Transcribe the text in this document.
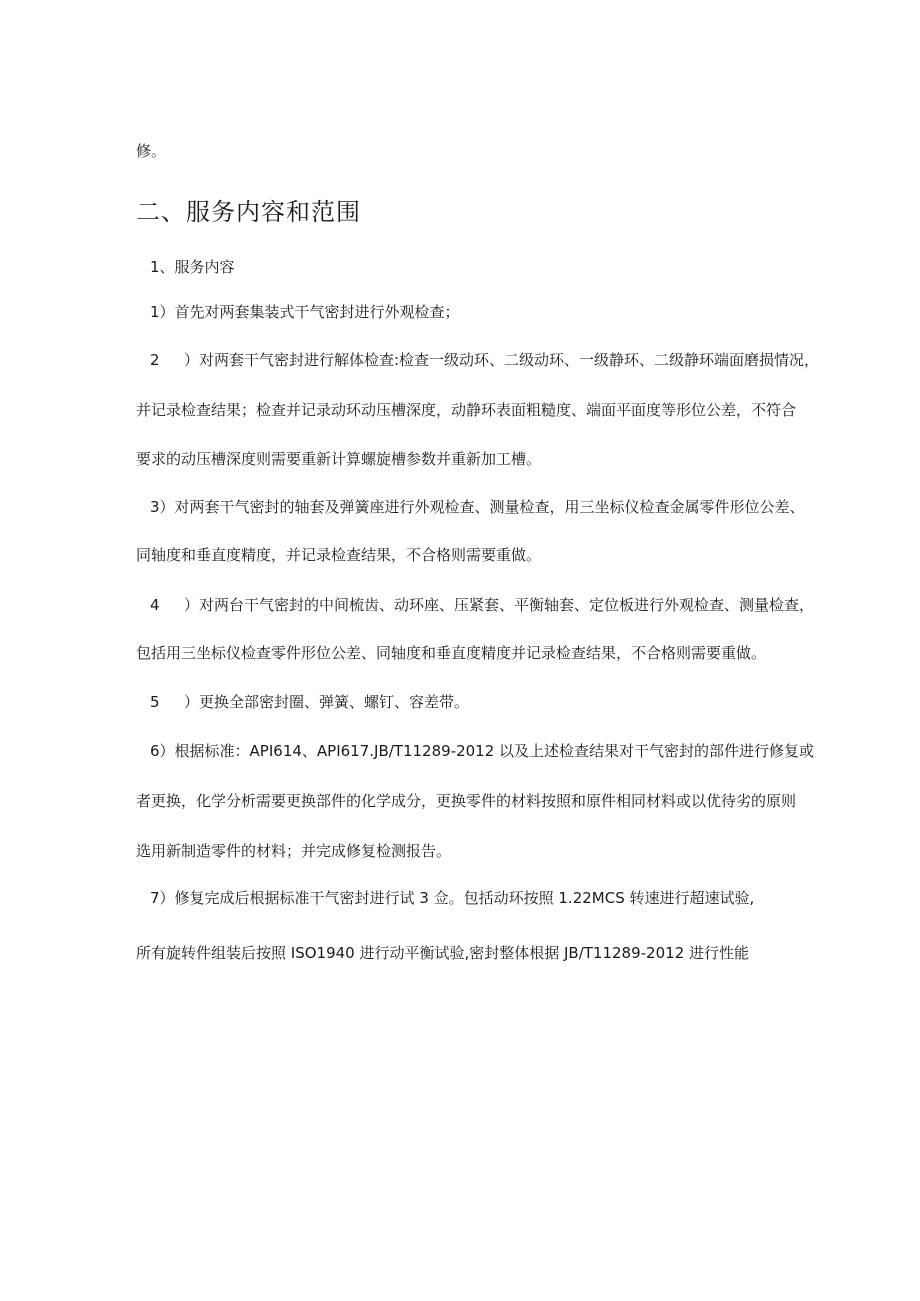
修。
二、服务内容和范围
1、服务内容
1）首先对两套集装式干气密封进行外观检查；
2 ）对两套干气密封进行解体检查:检查一级动环、二级动环、一级静环、二级静环端面磨损情况，
并记录检查结果；检查并记录动环动压槽深度，动静环表面粗糙度、端面平面度等形位公差，不符合
要求的动压槽深度则需要重新计算螺旋槽参数并重新加工槽。
3）对两套干气密封的轴套及弹簧座进行外观检查、测量检查，用三坐标仪检查金属零件形位公差、
同轴度和垂直度精度，并记录检查结果，不合格则需要重做。
4 ）对两台干气密封的中间梳齿、动环座、压紧套、平衡轴套、定位板进行外观检查、测量检查，
包括用三坐标仪检查零件形位公差、同轴度和垂直度精度并记录检查结果，不合格则需要重做。
5 ）更换全部密封圈、弹簧、螺钉、容差带。
6）根据标准：API614、API617.JB/T11289-2012 以及上述检查结果对干气密封的部件进行修复或
者更换，化学分析需要更换部件的化学成分，更换零件的材料按照和原件相同材料或以优待劣的原则
选用新制造零件的材料；并完成修复检测报告。
7）修复完成后根据标准干气密封进行试 3 佥。包括动环按照 1.22MCS 转速进行超速试验,
所有旋转件组装后按照 ISO1940 进行动平衡试验,密封整体根据 JB/T11289-2012 进行性能
